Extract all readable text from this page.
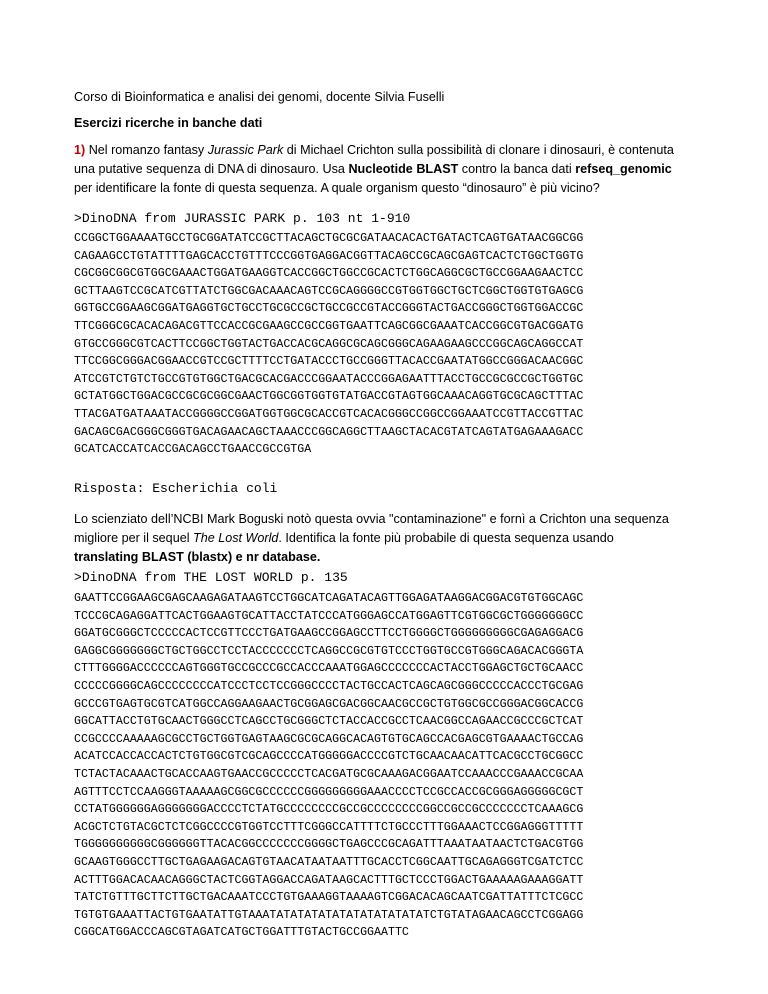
Corso di Bioinformatica e analisi dei genomi, docente Silvia Fuselli
Esercizi ricerche in banche dati
1) Nel romanzo fantasy Jurassic Park di Michael Crichton sulla possibilità di clonare i dinosauri, è contenuta
una putative sequenza di DNA di dinosauro. Usa Nucleotide BLAST contro la banca dati refseq_genomic
per identificare la fonte di questa sequenza. A quale organism questo “dinosauro” è più vicino?
>DinoDNA from JURASSIC PARK p. 103 nt 1-910
CCGGCTGGAAAATGCCTGCGGATATCCGCTTACAGCTGCGCGATAACACACTGATACTCAGTGATAACGGCGG
CAGAAGCCTGTATTTTGAGCACCTGTTTCCCGGTGAGGACGGTTACAGCCGCAGCGAGTCACTCTGGCTGGTG
CGCGGCGGCGTGGCGAAACTGGATGAAGGTCACCGGCTGGCCGCACTCTGGCAGGCGCTGCCGGAAGAACTCC
GCTTAAGTCCGCATCGTTATCTGGCGACAAACAGTCCGCAGGGGCCGTGGTGGCTGCTCGGCTGGTGTGAGCG
GGTGCCGGAAGCGGATGAGGTGCTGCCTGCGCCGCTGCCGCCGTACCGGGTACTGACCGGGCTGGTGGACCGC
TTCGGGCGCACACAGACGTTCCACCGCGAAGCCGCCGGTGAATTCAGCGGCGAAATCACCGGCGTGACGGATG
GTGCCGGGCGTCACTTCCGGCTGGTACTGACCACGCAGGCGCAGCGGGCAGAAGAAGCCCGGCAGCAGGCCAT
TTCCGGCGGGACGGAACCGTCCGCTTTTCCTGATACCCTGCCGGGTTACACCGAATATGGCCGGGACAACGGC
ATCCGTCTGTCTGCCGTGTGGCTGACGCACGACCCGGAATACCCGGAGAATTTACCTGCCGCGCCGCTGGTGC
GCTATGGCTGGACGCCGCGCGGCGAACTGGCGGTGGTGTATGACCGTAGTGGCAAACAGGTGCGCAGCTTTAC
TTACGATGATAAATACCGGGGCCGGATGGTGGCGCACCGTCACACGGGCCGGCCGGAAATCCGTTACCGTTAC
GACAGCGACGGGCGGGTGACAGAACAGCTAAACCCGGCAGGCTTAAGCTACACGTATCAGTATGAGAAAGACC
GCATCACCATCACCGACAGCCTGAACCGCCGTGA
Risposta: Escherichia coli
Lo scienziato dell’NCBI Mark Boguski notò questa ovvia "contaminazione" e fornì a Crichton una sequenza
migliore per il sequel The Lost World. Identifica la fonte più probabile di questa sequenza usando
translating BLAST (blastx) e nr database.
>DinoDNA from THE LOST WORLD p. 135
GAATTCCGGAAGCGAGCAAGAGATAAGTCCTGGCATCAGATACAGTTGGAGATAAGGACGGACGTGTGGCAGC
TCCCGCAGAGGATTCACTGGAAGTGCATTACCTATCCCATGGGAGCCATGGAGTTCGTGGCGCTGGGGGGGCC
GGATGCGGGCTCCCCCACTCCGTTCCCTGATGAAGCCGGAGCCTTCCTGGGGCTGGGGGGGGGCGAGAGGACG
GAGGCGGGGGGGCTGCTGGCCTCCTACCCCCCCTCAGGCCGCGTGTCCCTGGTGCCGTGGGCAGACACGGGTA
CTTTGGGGACCCCCCAGTGGGTGCCGCCCGCCACCCAAATGGAGCCCCCCCACTACCTGGAGCTGCTGCAACC
CCCCCGGGGCAGCCCCCCCCATCCCTCCTCCGGGCCCCTACTGCCACTCAGCAGCGGGCCCCCACCCTGCGAG
GCCCGTGAGTGCGTCATGGCCAGGAAGAACTGCGGAGCGACGGCAACGCCGCTGTGGCGCCGGGACGGCACCG
GGCATTACCTGTGCAACTGGGCCTCAGCCTGCGGGCTCTACCACCGCCTCAACGGCCAGAACCGCCCGCTCAT
CCGCCCCAAAAAGCGCCTGCTGGTGAGTAAGCGCGCAGGCACAGTGTGCAGCCACGAGCGTGAAAACTGCCAG
ACATCCACCACCACTCTGTGGCGTCGCAGCCCCATGGGGGACCCCGTCTGCAACAACATTCACGCCTGCGGCC
TCTACTACAAACTGCACCAAGTGAACCGCCCCCTCACGATGCGCAAAGACGGAATCCAAACCCGAAACCGCAA
AGTTTCCTCCAAGGGTAAAAAGCGGCGCCCCCCGGGGGGGGGAAACCCCTCCGCCACCGCGGGAGGGGGCGCT
CCTATGGGGGGAGGGGGGGACCCCTCTATGCCCCCCCCGCCGCCCCCCCCGGCCGCCGCCCCCCCTCAAAGCG
ACGCTCTGTACGCTCTCGGCCCCGTGGTCCTTTCGGGCCATTTTCTGCCCTTTGGAAACTCCGGAGGGTTTTT
TGGGGGGGGGGCGGGGGGTTACACGGCCCCCCCGGGGCTGAGCCCGCAGATTTAAATAATAACTCTGACGTGG
GCAAGTGGGCCTTGCTGAGAAGACAGTGTAACATAATAATTTGCACCTCGGCAATTGCAGAGGGTCGATCTCC
ACTTTGGACACAACAGGGCTACTCGGTAGGACCAGATAAGCACTTTGCTCCCTGGACTGAAAAAGAAAGGATT
TATCTGTTTGCTTCTTGCTGACAAATCCCTGTGAAAGGTAAAAGTCGGACACAGCAATCGATTATTTCTCGCC
TGTGTGAAATTACTGTGAATATTGTAAATATATATATATATATATATATATCTGTATAGAACAGCCTCGGAGG
CGGCATGGACCCAGCGTAGATCATGCTGGATTTGTACTGCCGGAATTC
